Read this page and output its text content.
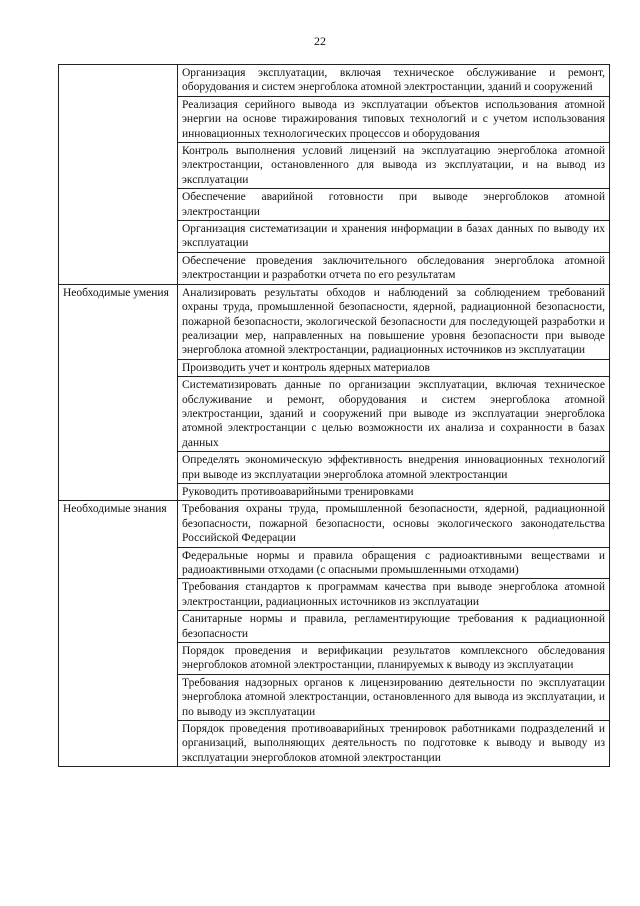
22
	Организация эксплуатации, включая техническое обслуживание и ремонт, оборудования и систем энергоблока атомной электростанции, зданий и сооружений
	Реализация серийного вывода из эксплуатации объектов использования атомной энергии на основе тиражирования типовых технологий и с учетом использования инновационных технологических процессов и оборудования
	Контроль выполнения условий лицензий на эксплуатацию энергоблока атомной электростанции, остановленного для вывода из эксплуатации, и на вывод из эксплуатации
	Обеспечение аварийной готовности при выводе энергоблоков атомной электростанции
	Организация систематизации и хранения информации в базах данных по выводу их эксплуатации
	Обеспечение проведения заключительного обследования энергоблока атомной электростанции и разработки отчета по его результатам
Необходимые умения	Анализировать результаты обходов и наблюдений за соблюдением требований охраны труда, промышленной безопасности, ядерной, радиационной безопасности, пожарной безопасности, экологической безопасности для последующей разработки и реализации мер, направленных на повышение уровня безопасности при выводе энергоблока атомной электростанции, радиационных источников из эксплуатации
	Производить учет и контроль ядерных материалов
	Систематизировать данные по организации эксплуатации, включая техническое обслуживание и ремонт, оборудования и систем энергоблока атомной электростанции, зданий и сооружений при выводе из эксплуатации энергоблока атомной электростанции с целью возможности их анализа и сохранности в базах данных
	Определять экономическую эффективность внедрения инновационных технологий при выводе из эксплуатации энергоблока атомной электростанции
	Руководить противоаварийными тренировками
Необходимые знания	Требования охраны труда, промышленной безопасности, ядерной, радиационной безопасности, пожарной безопасности, основы экологического законодательства Российской Федерации
	Федеральные нормы и правила обращения с радиоактивными веществами и радиоактивными отходами (с опасными промышленными отходами)
	Требования стандартов к программам качества при выводе энергоблока атомной электростанции, радиационных источников из эксплуатации
	Санитарные нормы и правила, регламентирующие требования к радиационной безопасности
	Порядок проведения и верификации результатов комплексного обследования энергоблоков атомной электростанции, планируемых к выводу из эксплуатации
	Требования надзорных органов к лицензированию деятельности по эксплуатации энергоблока атомной электростанции, остановленного для вывода из эксплуатации, и по выводу из эксплуатации
	Порядок проведения противоаварийных тренировок работниками подразделений и организаций, выполняющих деятельность по подготовке к выводу и выводу из эксплуатации энергоблоков атомной электростанции
